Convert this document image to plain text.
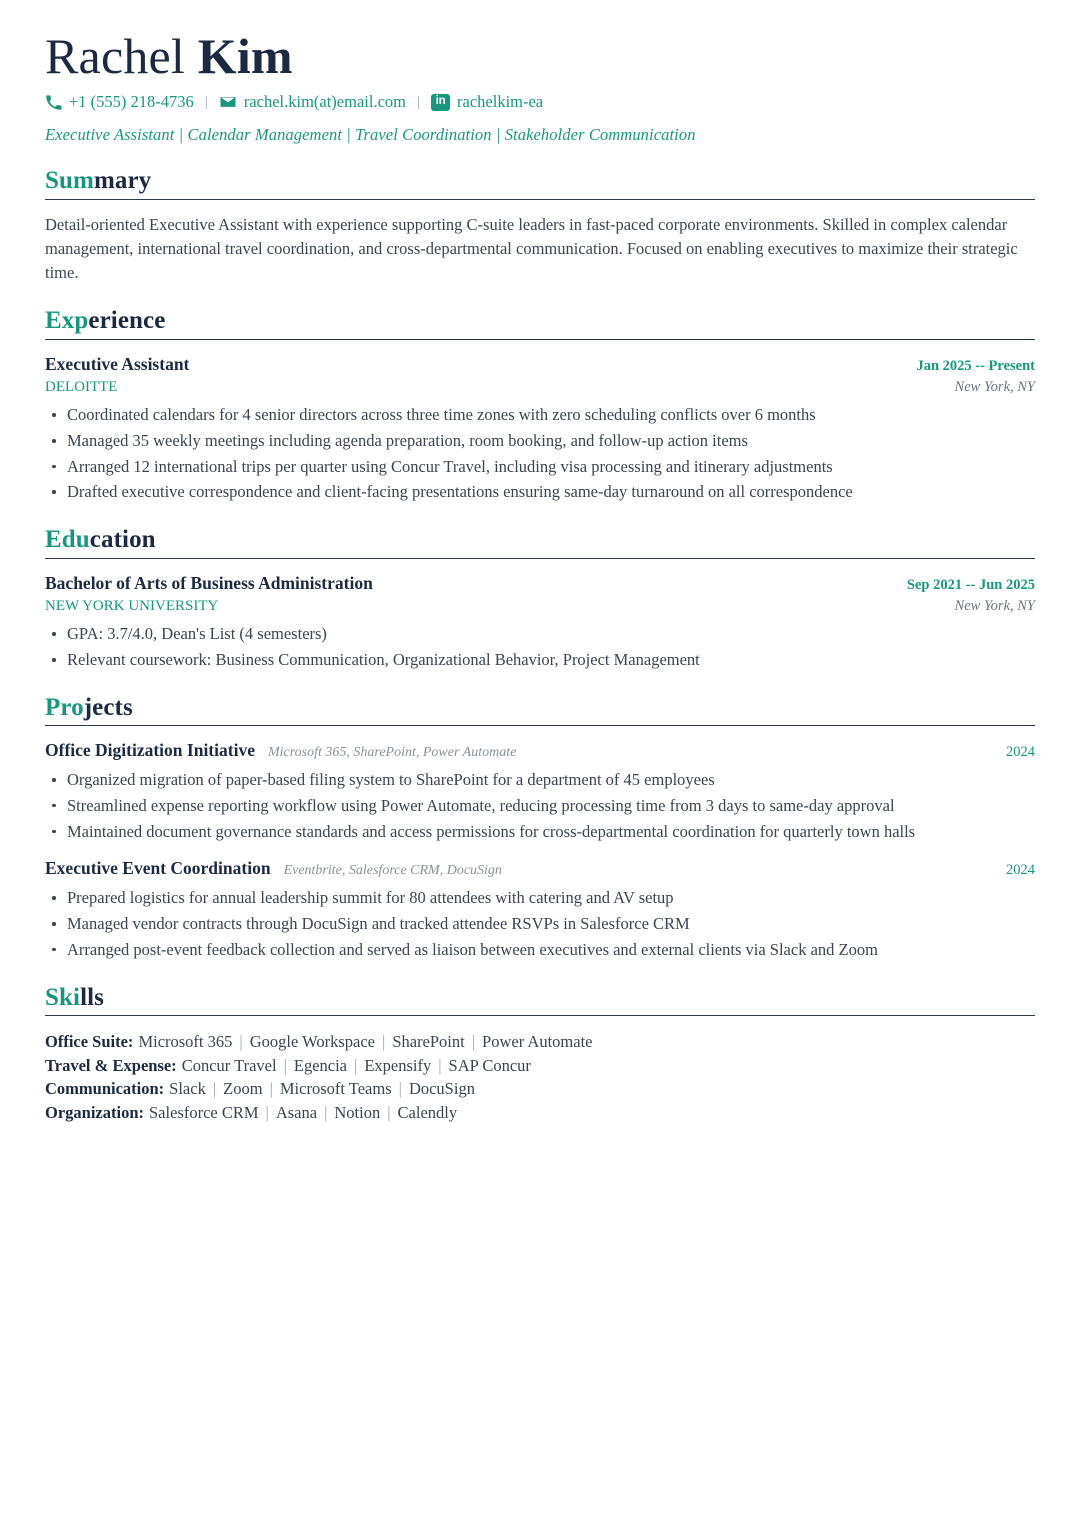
Rachel Kim
+1 (555) 218-4736 | rachel.kim(at)email.com |	in rachelkim-ea
Executive Assistant | Calendar Management | Travel Coordination | Stakeholder Communication
Summary

Detail-oriented Executive Assistant with experience supporting C-suite leaders in fast-paced corporate environments. Skilled in complex calendar management, international travel coordination, and cross-departmental communication. Focused on enabling executives to maximize their strategic time.

Experience
Executive Assistant
DELOITTE
Jan 2025 -- Present
New York, NY
Coordinated calendars for 4 senior directors across three time zones with zero scheduling conflicts over 6 months
Managed 35 weekly meetings including agenda preparation, room booking, and follow-up action items
Arranged 12 international trips per quarter using Concur Travel, including visa processing and itinerary adjustments
Drafted executive correspondence and client-facing presentations ensuring same-day turnaround on all correspondence
Education
Bachelor of Arts of Business Administration
NEW YORK UNIVERSITY
Sep 2021 -- Jun 2025
New York, NY
GPA: 3.7/4.0, Dean's List (4 semesters)
Relevant coursework: Business Communication, Organizational Behavior, Project Management
Projects
Office Digitization Initiative Microsoft 365, SharePoint, Power Automate	2024
Organized migration of paper-based filing system to SharePoint for a department of 45 employees
Streamlined expense reporting workflow using Power Automate, reducing processing time from 3 days to same-day approval
Maintained document governance standards and access permissions for cross-departmental coordination for quarterly town halls
Executive Event Coordination Eventbrite, Salesforce CRM, DocuSign	2024
Prepared logistics for annual leadership summit for 80 attendees with catering and AV setup
Managed vendor contracts through DocuSign and tracked attendee RSVPs in Salesforce CRM
Arranged post-event feedback collection and served as liaison between executives and external clients via Slack and Zoom
Skills
Office Suite: Microsoft 365 | Google Workspace | SharePoint | Power Automate
Travel & Expense: Concur Travel | Egencia | Expensify | SAP Concur
Communication: Slack | Zoom | Microsoft Teams | DocuSign
Organization: Salesforce CRM | Asana | Notion | Calendly
